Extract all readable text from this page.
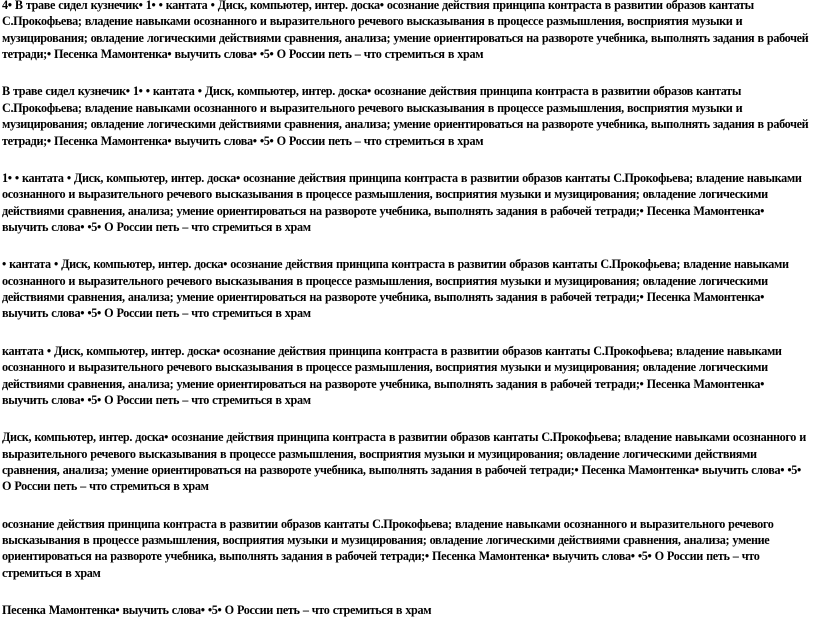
4• В траве сидел кузнечик• 1• • кантата • Диск, компьютер, интер. доска• осознание действия принципа контраста в развитии образов кантаты С.Прокофьева; владение навыками осознанного и выразительного речевого высказывания в процессе размышления, восприятия музыки и музицирования; овладение логическими действиями сравнения, анализа; умение ориентироваться на развороте учебника, выполнять задания в рабочей тетради;• Песенка Мамонтенка• выучить слова• •5• О России петь – что стремиться в храм

В траве сидел кузнечик• 1• • кантата • Диск, компьютер, интер. доска• осознание действия принципа контраста в развитии образов кантаты С.Прокофьева; владение навыками осознанного и выразительного речевого высказывания в процессе размышления, восприятия музыки и музицирования; овладение логическими действиями сравнения, анализа; умение ориентироваться на развороте учебника, выполнять задания в рабочей тетради;• Песенка Мамонтенка• выучить слова• •5• О России петь – что стремиться в храм

1• • кантата • Диск, компьютер, интер. доска• осознание действия принципа контраста в развитии образов кантаты С.Прокофьева; владение навыками осознанного и выразительного речевого высказывания в процессе размышления, восприятия музыки и музицирования; овладение логическими действиями сравнения, анализа; умение ориентироваться на развороте учебника, выполнять задания в рабочей тетради;• Песенка Мамонтенка• выучить слова• •5• О России петь – что стремиться в храм

• кантата • Диск, компьютер, интер. доска• осознание действия принципа контраста в развитии образов кантаты С.Прокофьева; владение навыками осознанного и выразительного речевого высказывания в процессе размышления, восприятия музыки и музицирования; овладение логическими действиями сравнения, анализа; умение ориентироваться на развороте учебника, выполнять задания в рабочей тетради;• Песенка Мамонтенка• выучить слова• •5• О России петь – что стремиться в храм

кантата • Диск, компьютер, интер. доска• осознание действия принципа контраста в развитии образов кантаты С.Прокофьева; владение навыками осознанного и выразительного речевого высказывания в процессе размышления, восприятия музыки и музицирования; овладение логическими действиями сравнения, анализа; умение ориентироваться на развороте учебника, выполнять задания в рабочей тетради;• Песенка Мамонтенка• выучить слова• •5• О России петь – что стремиться в храм

Диск, компьютер, интер. доска• осознание действия принципа контраста в развитии образов кантаты С.Прокофьева; владение навыками осознанного и выразительного речевого высказывания в процессе размышления, восприятия музыки и музицирования; овладение логическими действиями сравнения, анализа; умение ориентироваться на развороте учебника, выполнять задания в рабочей тетради;• Песенка Мамонтенка• выучить слова• •5• О России петь – что стремиться в храм

осознание действия принципа контраста в развитии образов кантаты С.Прокофьева; владение навыками осознанного и выразительного речевого высказывания в процессе размышления, восприятия музыки и музицирования; овладение логическими действиями сравнения, анализа; умение ориентироваться на развороте учебника, выполнять задания в рабочей тетради;• Песенка Мамонтенка• выучить слова• •5• О России петь – что стремиться в храм

Песенка Мамонтенка• выучить слова• •5• О России петь – что стремиться в храм
